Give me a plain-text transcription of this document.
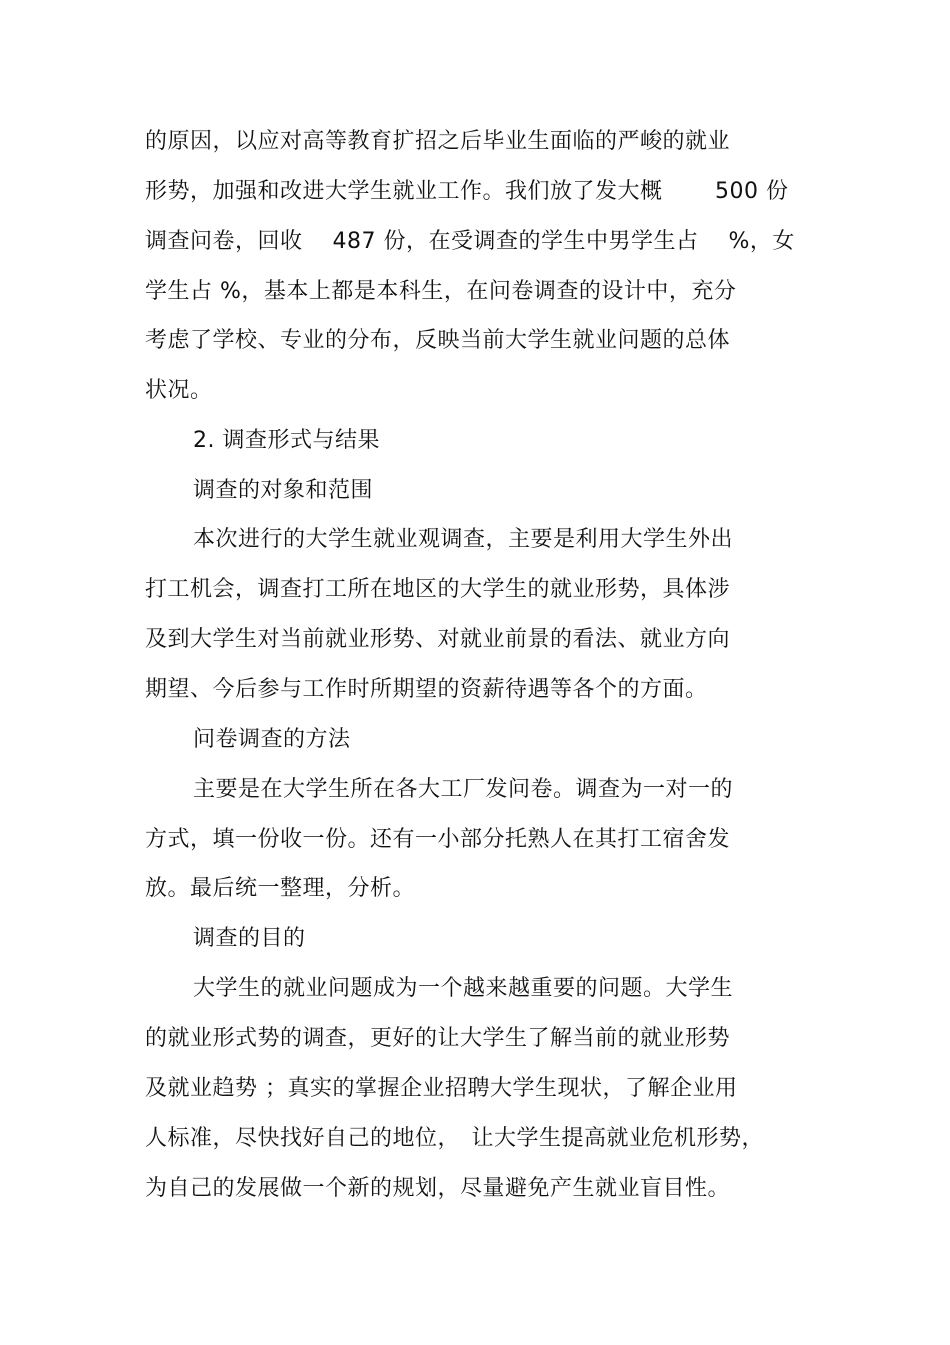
的原因，以应对高等教育扩招之后毕业生面临的严峻的就业
形势，加强和改进大学生就业工作。我们放了发大概　　 500 份
调查问卷，回收　 487 份，在受调查的学生中男学生占　 %，女
学生占 %，基本上都是本科生，在问卷调查的设计中，充分
考虑了学校、专业的分布，反映当前大学生就业问题的总体
状况。
2. 调查形式与结果
调查的对象和范围
本次进行的大学生就业观调查，主要是利用大学生外出
打工机会，调查打工所在地区的大学生的就业形势，具体涉
及到大学生对当前就业形势、对就业前景的看法、就业方向
期望、今后参与工作时所期望的资薪待遇等各个的方面。
问卷调查的方法
主要是在大学生所在各大工厂发问卷。调查为一对一的
方式，填一份收一份。还有一小部分托熟人在其打工宿舍发
放。最后统一整理，分析。
调查的目的
大学生的就业问题成为一个越来越重要的问题。大学生
的就业形式势的调查，更好的让大学生了解当前的就业形势
及就业趋势 ；真实的掌握企业招聘大学生现状，了解企业用
人标准，尽快找好自己的地位，　让大学生提高就业危机形势，
为自己的发展做一个新的规划，尽量避免产生就业盲目性。
